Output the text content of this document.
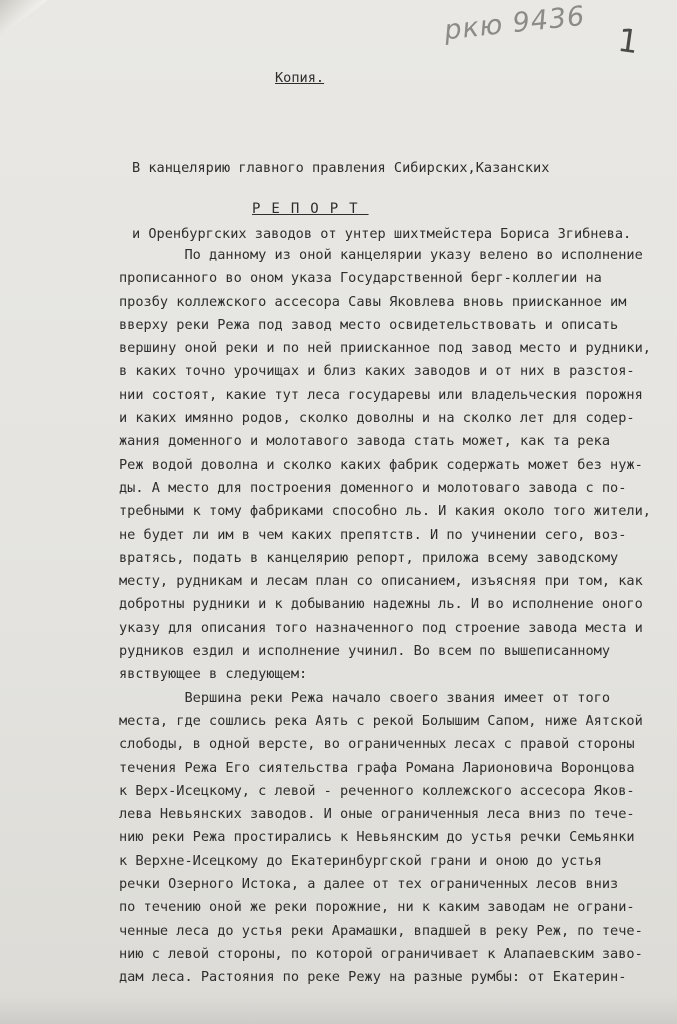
ркю 9436 1
Копия.

В канцелярию главного правления Сибирских,Казанских

и Оренбургских заводов от унтер шихтмейстера Бориса Згибнева.

РЕПОРТ
По данному из оной канцелярии указу велено во исполнение
прописанного во оном указа Государственной берг-коллегии на
прозбу коллежского ассесора Савы Яковлева вновь приисканное им
вверху реки Режа под завод место освидетельствовать и описать
вершину оной реки и по ней приисканное под завод место и рудники,
в каких точно урочищах и близ каких заводов и от них в разстоя-
нии состоят, какие тут леса государевы или владельческия порожня
и каких имянно родов, сколко доволны и на сколко лет для содер-
жания доменного и молотавого завода стать может, как та река
Реж водой доволна и сколко каких фабрик содержать может без нуж-
ды. А место для построения доменного и молотоваго завода с по-
требными к тому фабриками способно ль. И какия около того жители,
не будет ли им в чем каких препятств. И по учинении сего, воз-
вратясь, подать в канцелярию репорт, приложа всему заводскому
месту, рудникам и лесам план со описанием, изъясняя при том, как
добротны рудники и к добыванию надежны ль. И во исполнение оного
указу для описания того назначенного под строение завода места и
рудников ездил и исполнение учинил. Во всем по вышеписанному
явствующее в следующем:
Вершина реки Режа начало своего звания имеет от того
места, где сошлись река Аять с рекой Болышим Сапом, ниже Аятской
слободы, в одной версте, во ограниченных лесах с правой стороны
течения Режа Его сиятельства графа Романа Ларионовича Воронцова
к Верх-Исецкому, с левой - реченного коллежского ассесора Яков-
лева Невьянских заводов. И оные ограниченныя леса вниз по тече-
нию реки Режа простирались к Невьянским до устья речки Семьянки
к Верхне-Исецкому до Екатеринбургской грани и оною до устья
речки Озерного Истока, а далее от тех ограниченных лесов вниз
по течению оной же реки порожние, ни к каким заводам не ограни-
ченные леса до устья реки Арамашки, впадшей в реку Реж, по тече-
нию с левой стороны, по которой ограничивает к Алапаевским заво-
дам леса. Растояния по реке Режу на разные румбы: от Екатерин-
